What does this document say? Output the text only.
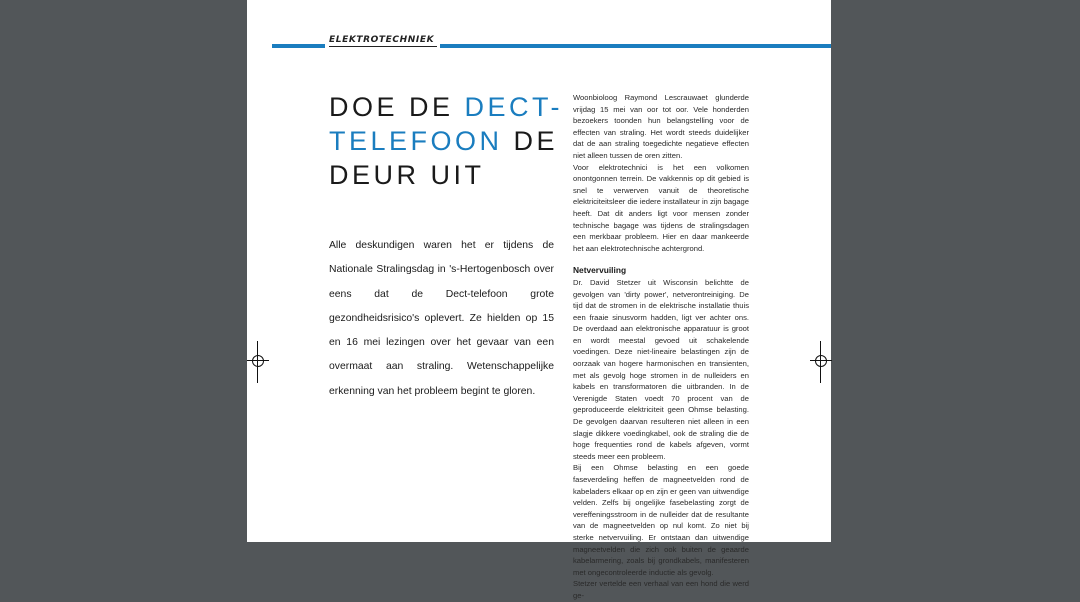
ELEKTROTECHNIEK
DOE DE DECT-
TELEFOON DE
DEUR UIT
Alle deskundigen waren het er tijdens de Nationale Stralingsdag in 's-Hertogenbosch over eens dat de Dect-telefoon grote gezondheidsrisico's oplevert. Ze hielden op 15 en 16 mei lezingen over het gevaar van een overmaat aan straling. Wetenschappelijke erkenning van het probleem begint te gloren.

Woonbioloog Raymond Lescrauwaet glunderde vrijdag 15 mei van oor tot oor. Vele honderden bezoekers toonden hun belangstelling voor de effecten van straling. Het wordt steeds duidelijker dat de aan straling toegedichte negatieve effecten niet alleen tussen de oren zitten.

Voor elektrotechnici is het een volkomen onontgonnen terrein. De vakkennis op dit gebied is snel te verwerven vanuit de theoretische elektriciteitsleer die iedere installateur in zijn bagage heeft. Dat dit anders ligt voor mensen zonder technische bagage was tijdens de stralingsdagen een merkbaar probleem. Hier en daar mankeerde het aan elektrotechnische achtergrond.

Netvervuiling

Dr. David Stetzer uit Wisconsin belichtte de gevolgen van 'dirty power', netverontreiniging. De tijd dat de stromen in de elektrische installatie thuis een fraaie sinusvorm hadden, ligt ver achter ons. De overdaad aan elektronische apparatuur is groot en wordt meestal gevoed uit schakelende voedingen. Deze niet-lineaire belastingen zijn de oorzaak van hogere harmonischen en transienten, met als gevolg hoge stromen in de nulleiders en kabels en transformatoren die uitbranden. In de Verenigde Staten voedt 70 procent van de geproduceerde elektriciteit geen Ohmse belasting. De gevolgen daarvan resulteren niet alleen in een slagje dikkere voedingkabel, ook de straling die de hoge frequenties rond de kabels afgeven, vormt steeds meer een probleem.

Bij een Ohmse belasting en een goede faseverdeling heffen de magneetvelden rond de kabeladers elkaar op en zijn er geen van uitwendige velden. Zelfs bij ongelijke fasebelasting zorgt de vereffeningsstroom in de nulleider dat de resultante van de magneetvelden op nul komt. Zo niet bij sterke netvervuiling. Er ontstaan dan uitwendige magneetvelden die zich ook buiten de geaarde kabelarmering, zoals bij grondkabels, manifesteren met ongecontroleerde inductie als gevolg.

Stetzer vertelde een verhaal van een hond die werd ge-
